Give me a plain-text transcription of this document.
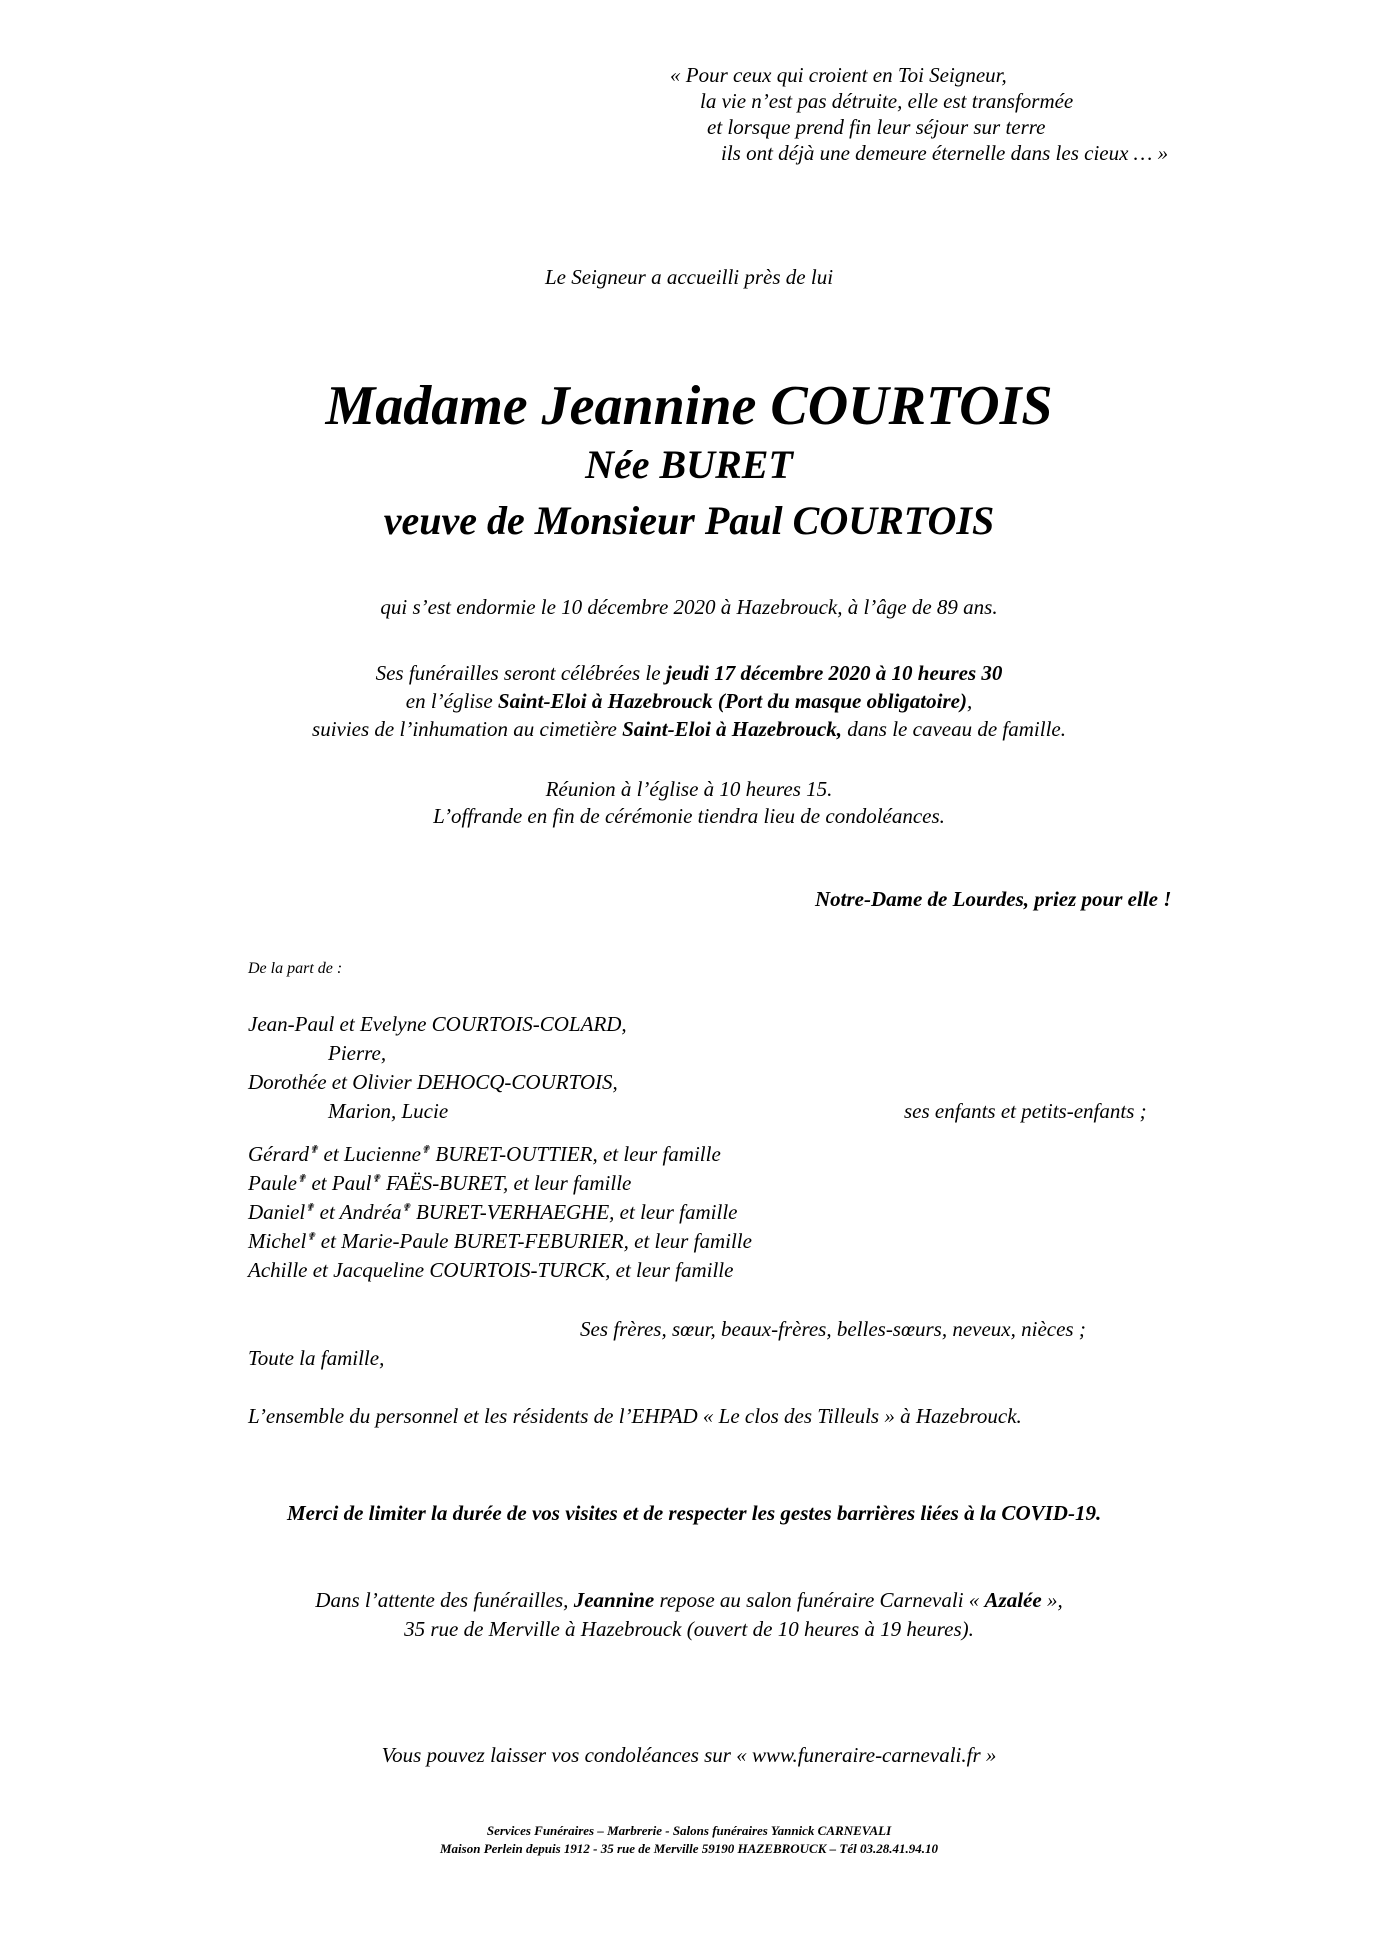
« Pour ceux qui croient en Toi Seigneur,
la vie n’est pas détruite, elle est transformée
et lorsque prend fin leur séjour sur terre
ils ont déjà une demeure éternelle dans les cieux … »
Le Seigneur a accueilli près de lui
Madame Jeannine COURTOIS
Née BURET
veuve de Monsieur Paul COURTOIS
qui s’est endormie le 10 décembre 2020 à Hazebrouck, à l’âge de 89 ans.
Ses funérailles seront célébrées le jeudi 17 décembre 2020 à 10 heures 30
en l’église Saint-Eloi à Hazebrouck (Port du masque obligatoire),
suivies de l’inhumation au cimetière Saint-Eloi à Hazebrouck, dans le caveau de famille.
Réunion à l’église à 10 heures 15.
L’offrande en fin de cérémonie tiendra lieu de condoléances.
Notre-Dame de Lourdes, priez pour elle !
De la part de :
Jean-Paul et Evelyne COURTOIS-COLARD,
Pierre,
Dorothée et Olivier DEHOCQ-COURTOIS,
Marion, Lucie	ses enfants et petits-enfants ;
Gérard✟ et Lucienne✟ BURET-OUTTIER, et leur famille
Paule✟ et Paul✟ FAËS-BURET, et leur famille
Daniel✟ et Andréa✟ BURET-VERHAEGHE, et leur famille
Michel✟ et Marie-Paule BURET-FEBURIER, et leur famille
Achille et Jacqueline COURTOIS-TURCK, et leur famille
Ses frères, sœur, beaux-frères, belles-sœurs, neveux, nièces ;
Toute la famille,
L’ensemble du personnel et les résidents de l’EHPAD « Le clos des Tilleuls » à Hazebrouck.
Merci de limiter la durée de vos visites et de respecter les gestes barrières liées à la COVID-19.
Dans l’attente des funérailles, Jeannine repose au salon funéraire Carnevali « Azalée »,
35 rue de Merville à Hazebrouck (ouvert de 10 heures à 19 heures).
Vous pouvez laisser vos condoléances sur « www.funeraire-carnevali.fr »
Services Funéraires – Marbrerie - Salons funéraires Yannick CARNEVALI
Maison Perlein depuis 1912 - 35 rue de Merville 59190 HAZEBROUCK – Tél 03.28.41.94.10
